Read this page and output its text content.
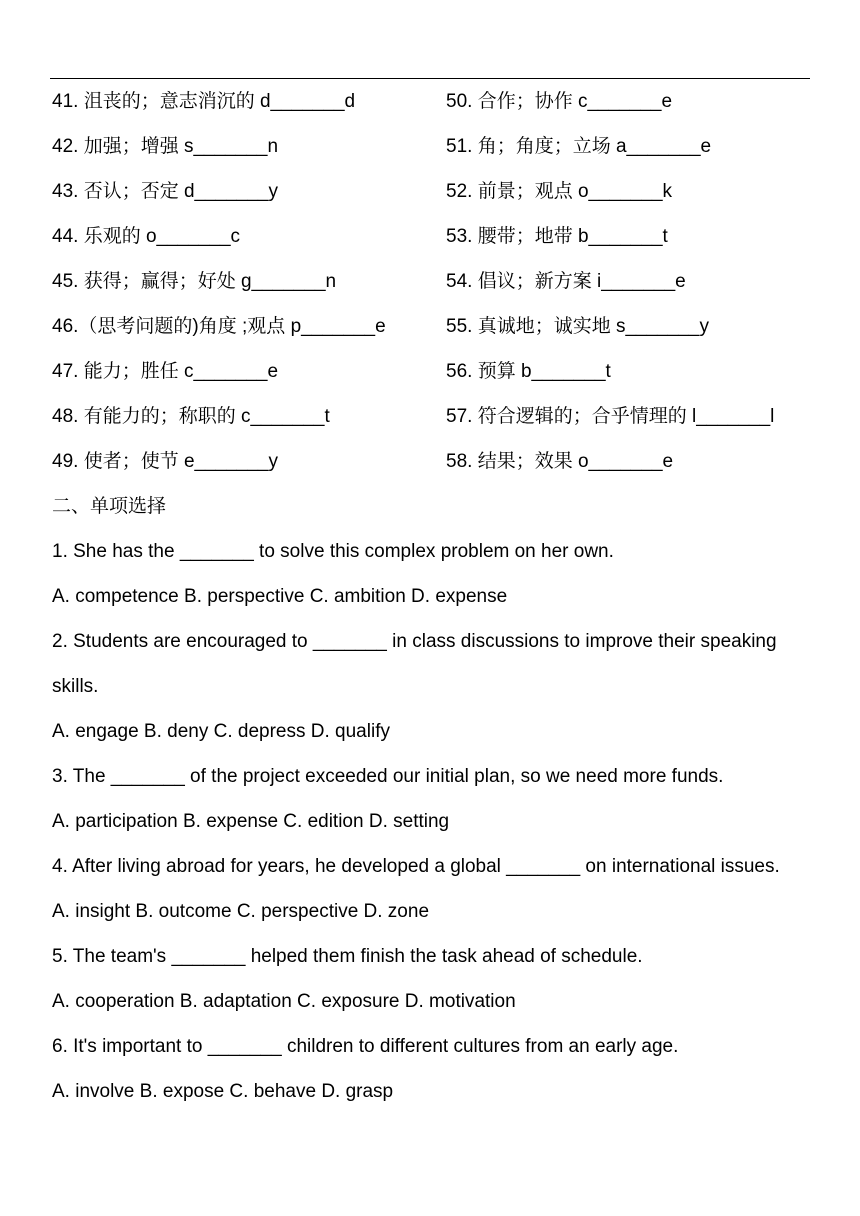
41. 沮丧的；意志消沉的 d_______d	50. 合作；协作 c_______e
42. 加强；增强 s_______n	51. 角；角度；立场 a_______e
43. 否认；否定 d_______y	52. 前景；观点 o_______k
44. 乐观的 o_______c	53. 腰带；地带 b_______t
45. 获得；赢得；好处 g_______n	54. 倡议；新方案 i_______e
46.（思考问题的)角度 ;观点 p_______e	55. 真诚地；诚实地 s_______y
47. 能力；胜任 c_______e	56. 预算 b_______t
48. 有能力的；称职的 c_______t	57. 符合逻辑的；合乎情理的 l_______l
49. 使者；使节 e_______y	58. 结果；效果 o_______e
二、单项选择
1. She has the _______ to solve this complex problem on her own.
A. competence B. perspective C. ambition D. expense
2. Students are encouraged to _______ in class discussions to improve their speaking
skills.
A. engage B. deny C. depress D. qualify
3. The _______ of the project exceeded our initial plan, so we need more funds.
A. participation B. expense C. edition D. setting
4. After living abroad for years, he developed a global _______ on international issues.
A. insight B. outcome C. perspective D. zone
5. The team's _______ helped them finish the task ahead of schedule.
A. cooperation B. adaptation C. exposure D. motivation
6. It's important to _______ children to different cultures from an early age.
A. involve B. expose C. behave D. grasp
